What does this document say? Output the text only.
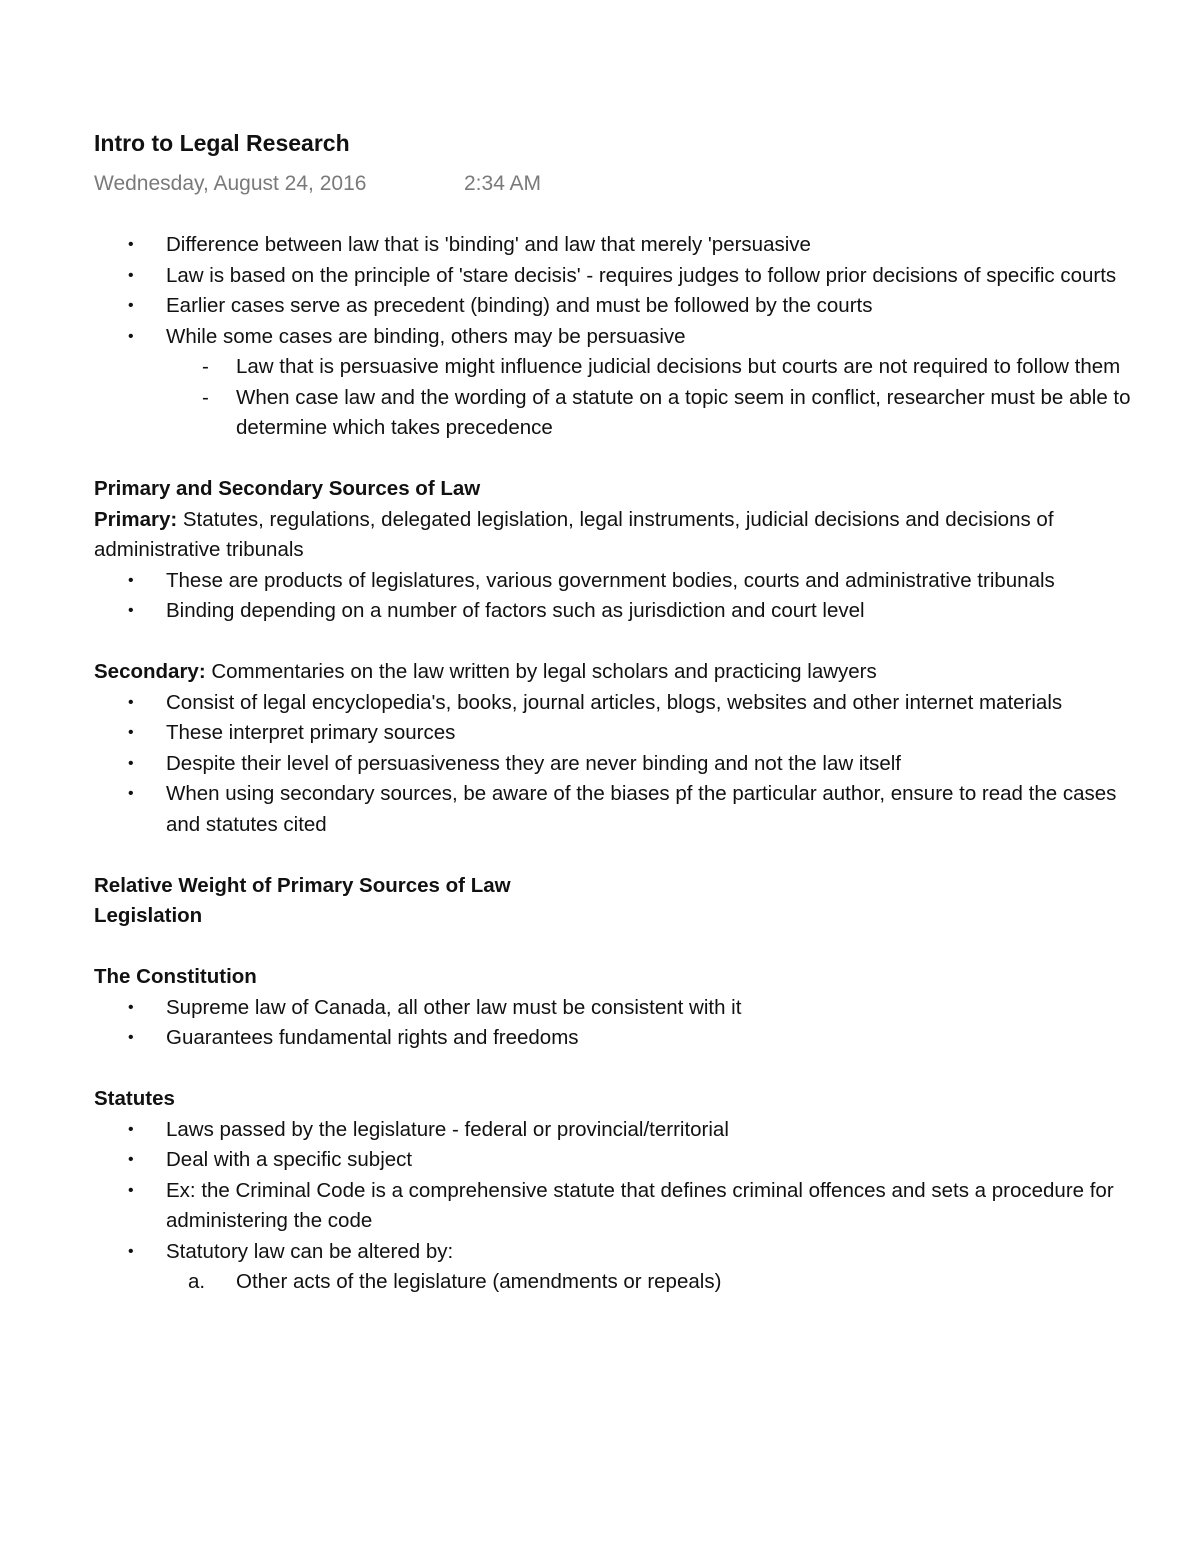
Intro to Legal Research
Wednesday, August 24, 2016	2:34 AM
• Difference between law that is 'binding' and law that merely 'persuasive
• Law is based on the principle of 'stare decisis' - requires judges to follow prior decisions of specific courts
• Earlier cases serve as precedent (binding) and must be followed by the courts
• While some cases are binding, others may be persuasive
- Law that is persuasive might influence judicial decisions but courts are not required to follow them
- When case law and the wording of a statute on a topic seem in conflict, researcher must be able to determine which takes precedence

Primary and Secondary Sources of Law

Primary: Statutes, regulations, delegated legislation, legal instruments, judicial decisions and decisions of administrative tribunals

• These are products of legislatures, various government bodies, courts and administrative tribunals
• Binding depending on a number of factors such as jurisdiction and court level

Secondary: Commentaries on the law written by legal scholars and practicing lawyers

• Consist of legal encyclopedia's, books, journal articles, blogs, websites and other internet materials
• These interpret primary sources
• Despite their level of persuasiveness they are never binding and not the law itself
• When using secondary sources, be aware of the biases pf the particular author, ensure to read the cases and statutes cited

Relative Weight of Primary Sources of Law

Legislation

The Constitution

• Supreme law of Canada, all other law must be consistent with it
• Guarantees fundamental rights and freedoms

Statutes

• Laws passed by the legislature - federal or provincial/territorial
• Deal with a specific subject
• Ex: the Criminal Code is a comprehensive statute that defines criminal offences and sets a procedure for administering the code
• Statutory law can be altered by:
a. Other acts of the legislature (amendments or repeals)
